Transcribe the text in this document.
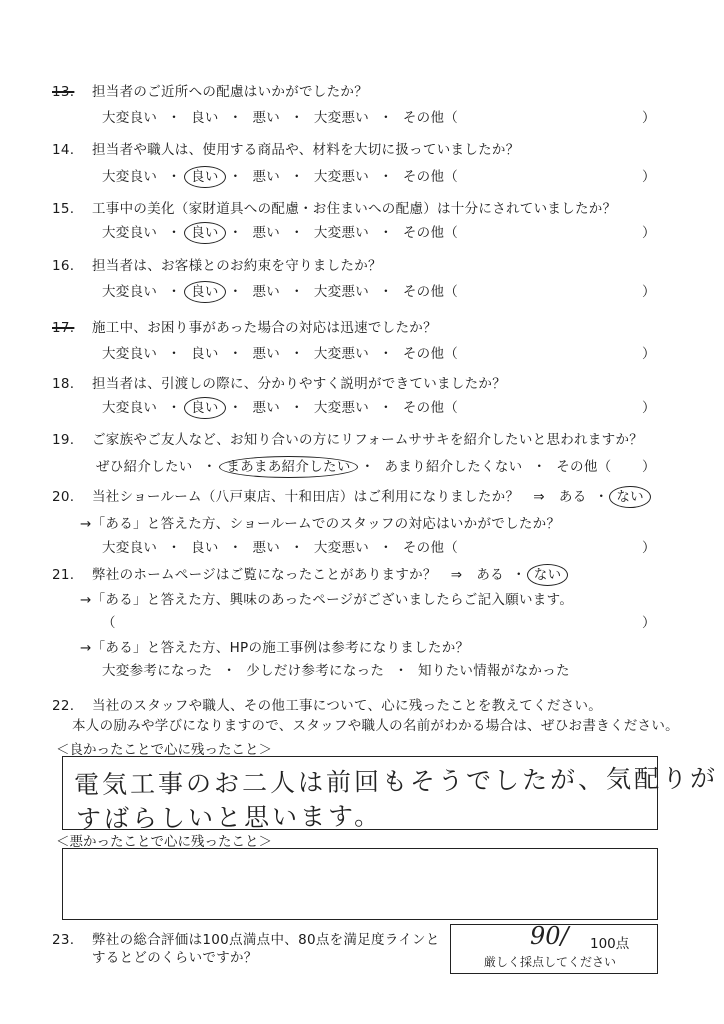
13. 担当者のご近所への配慮はいかがでしたか？
大変良い ・ 良い ・ 悪い ・ 大変悪い ・ その他（	）
14. 担当者や職人は、使用する商品や、材料を大切に扱っていましたか？
大変良い ・ 良い ・ 悪い ・ 大変悪い ・ その他（	）
15. 工事中の美化（家財道具への配慮・お住まいへの配慮）は十分にされていましたか？
大変良い ・ 良い ・ 悪い ・ 大変悪い ・ その他（	）
16. 担当者は、お客様とのお約束を守りましたか？
大変良い ・ 良い ・ 悪い ・ 大変悪い ・ その他（	）
17. 施工中、お困り事があった場合の対応は迅速でしたか？
大変良い ・ 良い ・ 悪い ・ 大変悪い ・ その他（	）
18. 担当者は、引渡しの際に、分かりやすく説明ができていましたか？
大変良い ・ 良い ・ 悪い ・ 大変悪い ・ その他（	）
19. ご家族やご友人など、お知り合いの方にリフォームササキを紹介したいと思われますか？
ぜひ紹介したい ・ まあまあ紹介したい ・ あまり紹介したくない ・ その他（ ）
20. 当社ショールーム（八戸東店、十和田店）はご利用になりましたか？ ⇒ ある ・ ない
→「ある」と答えた方、ショールームでのスタッフの対応はいかがでしたか？
大変良い ・ 良い ・ 悪い ・ 大変悪い ・ その他（	）
21. 弊社のホームページはご覧になったことがありますか？ ⇒ ある ・ ない
→「ある」と答えた方、興味のあったページがございましたらご記入願います。
（	）
→「ある」と答えた方、HPの施工事例は参考になりましたか？
大変参考になった ・ 少しだけ参考になった ・ 知りたい情報がなかった
22. 当社のスタッフや職人、その他工事について、心に残ったことを教えてください。
本人の励みや学びになりますので、スタッフや職人の名前がわかる場合は、ぜひお書きください。
＜良かったことで心に残ったこと＞
電気工事のお二人は前回もそうでしたが、気配りが
すばらしいと思います。
＜悪かったことで心に残ったこと＞
23. 弊社の総合評価は100点満点中、80点を満足度ラインと
するとどのくらいですか？
90/ 100点
厳しく採点してください
